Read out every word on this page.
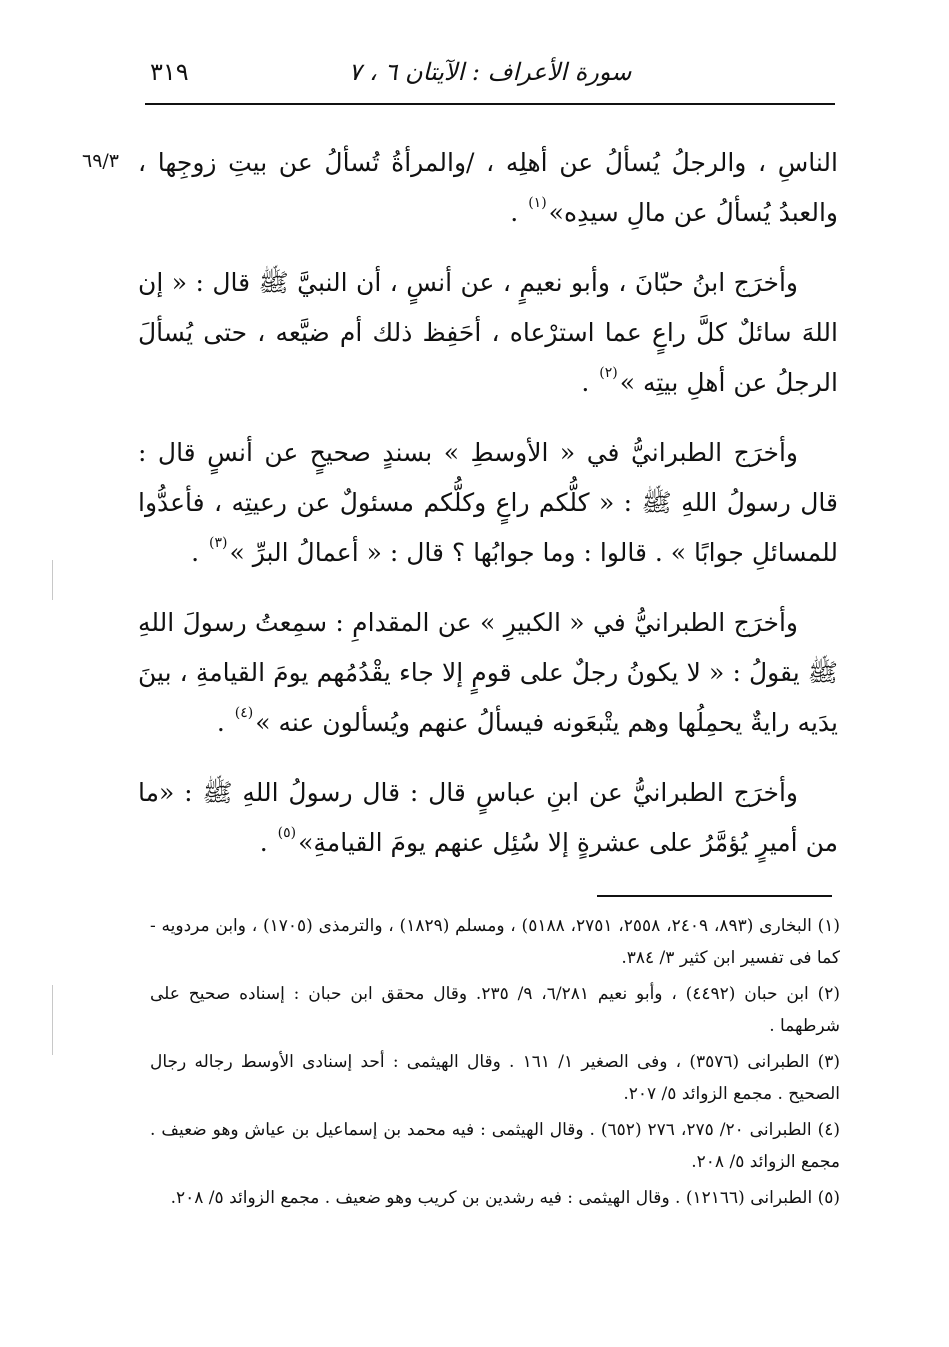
٣١٩	سورة الأعراف : الآيتان ٦ ، ٧
٦٩/٣ الناسِ ، والرجلُ يُسألُ عن أهلِه ، /والمرأةُ تُسألُ عن بيتِ زوجِها ، والعبدُ يُسألُ عن مالِ سيدِه»$^{(١)}$ .

وأخرَج ابنُ حبّانَ ، وأبو نعيمٍ ، عن أنسٍ ، أن النبيَّ ﷺ قال : « إن اللهَ سائلٌ كلَّ راعٍ عما استرْعاه ، أحَفِظ ذلك أم ضيَّعه ، حتى يُسألَ الرجلُ عن أهلِ بيتِه »$^{(٢)}$ .

وأخرَج الطبرانيُّ في « الأوسطِ » بسندٍ صحيحٍ عن أنسٍ قال : قال رسولُ اللهِ ﷺ : « كلُّكم راعٍ وكلُّكم مسئولٌ عن رعيتِه ، فأعدُّوا للمسائلِ جوابًا » . قالوا : وما جوابُها ؟ قال : « أعمالُ البرِّ »$^{(٣)}$ .

وأخرَج الطبرانيُّ في « الكبيرِ » عن المقدامِ : سمِعتُ رسولَ اللهِ ﷺ يقولُ : « لا يكونُ رجلٌ على قومٍ إلا جاء يقْدُمُهم يومَ القيامةِ ، بينَ يدَيه رايةٌ يحمِلُها وهم يتْبعَونه فيسألُ عنهم ويُسألون عنه »$^{(٤)}$ .

وأخرَج الطبرانيُّ عن ابنِ عباسٍ قال : قال رسولُ اللهِ ﷺ : «ما من أميرٍ يُؤمَّرُ على عشرةٍ إلا سُئِل عنهم يومَ القيامةِ»$^{(٥)}$ .

(١) البخارى (٨٩٣، ٢٤٠٩، ٢٥٥٨، ٢٧٥١، ٥١٨٨) ، ومسلم (١٨٢٩) ، والترمذى (١٧٠٥) ، وابن مردويه - كما فى تفسير ابن كثير ٣/ ٣٨٤.
(٢) ابن حبان (٤٤٩٢) ، وأبو نعيم ٦/٢٨١، ٩/ ٢٣٥. وقال محقق ابن حبان : إسناده صحيح على شرطهما .
(٣) الطبرانى (٣٥٧٦) ، وفى الصغير ١/ ١٦١ . وقال الهيثمى : أحد إسنادى الأوسط رجاله رجال الصحيح . مجمع الزوائد ٥/ ٢٠٧.
(٤) الطبرانى ٢٠/ ٢٧٥، ٢٧٦ (٦٥٢) . وقال الهيثمى : فيه محمد بن إسماعيل بن عياش وهو ضعيف . مجمع الزوائد ٥/ ٢٠٨.
(٥) الطبرانى (١٢١٦٦) . وقال الهيثمى : فيه رشدين بن كريب وهو ضعيف . مجمع الزوائد ٥/ ٢٠٨.
